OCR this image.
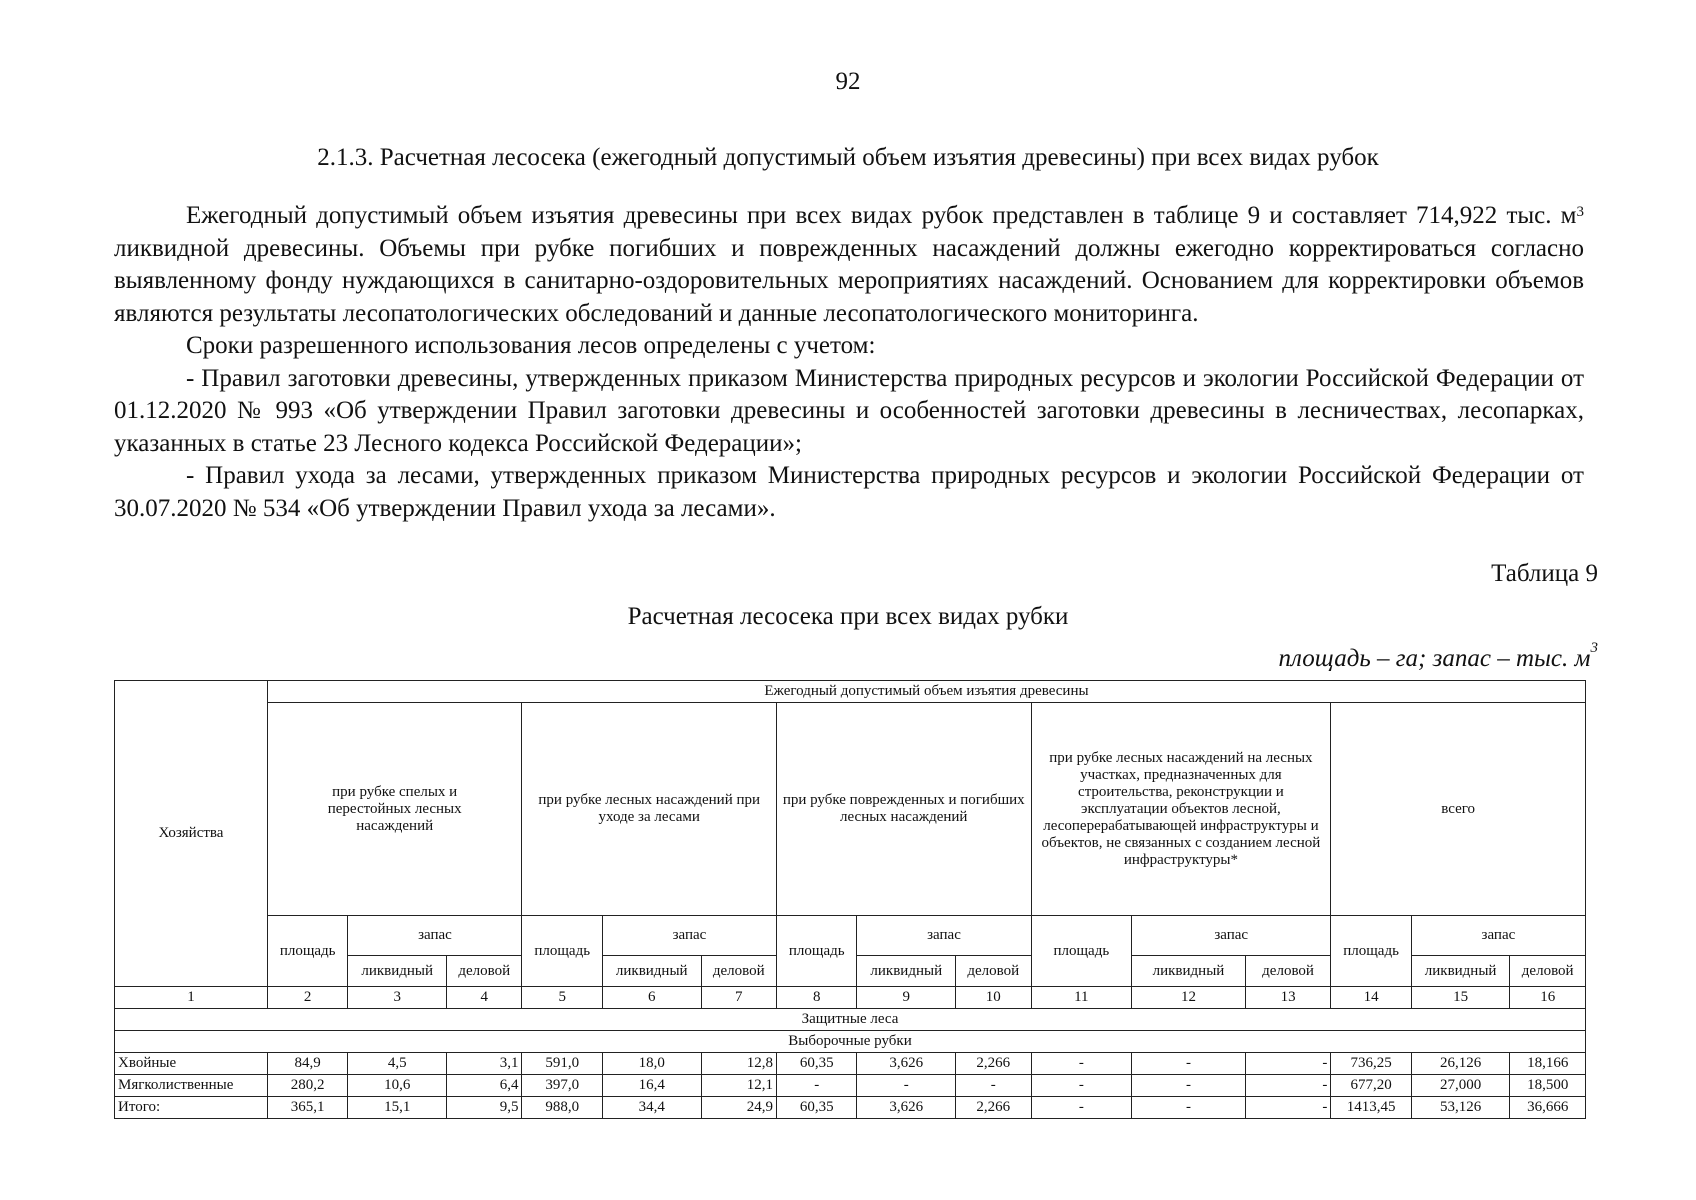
92
2.1.3. Расчетная лесосека (ежегодный допустимый объем изъятия древесины) при всех видах рубок

Ежегодный допустимый объем изъятия древесины при всех видах рубок представлен в таблице 9 и составляет 714,922 тыс. $м^3$ ликвидной древесины. Объемы при рубке погибших и поврежденных насаждений должны ежегодно корректироваться согласно выявленному фонду нуждающихся в санитарно-оздоровительных мероприятиях насаждений. Основанием для корректировки объемов являются результаты лесопатологических обследований и данные лесопатологического мониторинга.

Сроки разрешенного использования лесов определены с учетом:

- Правил заготовки древесины, утвержденных приказом Министерства природных ресурсов и экологии Российской Федерации от 01.12.2020 № 993 «Об утверждении Правил заготовки древесины и особенностей заготовки древесины в лесничествах, лесопарках, указанных в статье 23 Лесного кодекса Российской Федерации»;

- Правил ухода за лесами, утвержденных приказом Министерства природных ресурсов и экологии Российской Федерации от 30.07.2020 № 534 «Об утверждении Правил ухода за лесами».

Таблица 9
Расчетная лесосека при всех видах рубки
площадь – га; запас – тыс. $м^3$
Хозяйства	Ежегодный допустимый объем изъятия древесины														
	при рубке спелых и перестойных лесных насаждений			при рубке лесных насаждений при уходе за лесами			при рубке поврежденных и погибших лесных насаждений			при рубке лесных насаждений на лесных участках, предназначенных для строительства, реконструкции и эксплуатации объектов лесной, лесоперерабатывающей инфраструктуры и объектов, не связанных с созданием лесной инфраструктуры*			всего		
	площадь	запас		площадь	запас		площадь	запас		площадь	запас		площадь	запас	
		ликвидный	деловой		ликвидный	деловой		ликвидный	деловой		ликвидный	деловой		ликвидный	деловой
1	2	3	4	5	6	7	8	9	10	11	12	13	14	15	16
Защитные леса															
Выборочные рубки															
Хвойные	84,9	4,5	3,1	591,0	18,0	12,8	60,35	3,626	2,266	-	-	-	736,25	26,126	18,166
Мягколиственные	280,2	10,6	6,4	397,0	16,4	12,1	-	-	-	-	-	-	677,20	27,000	18,500
Итого:	365,1	15,1	9,5	988,0	34,4	24,9	60,35	3,626	2,266	-	-	-	1413,45	53,126	36,666
